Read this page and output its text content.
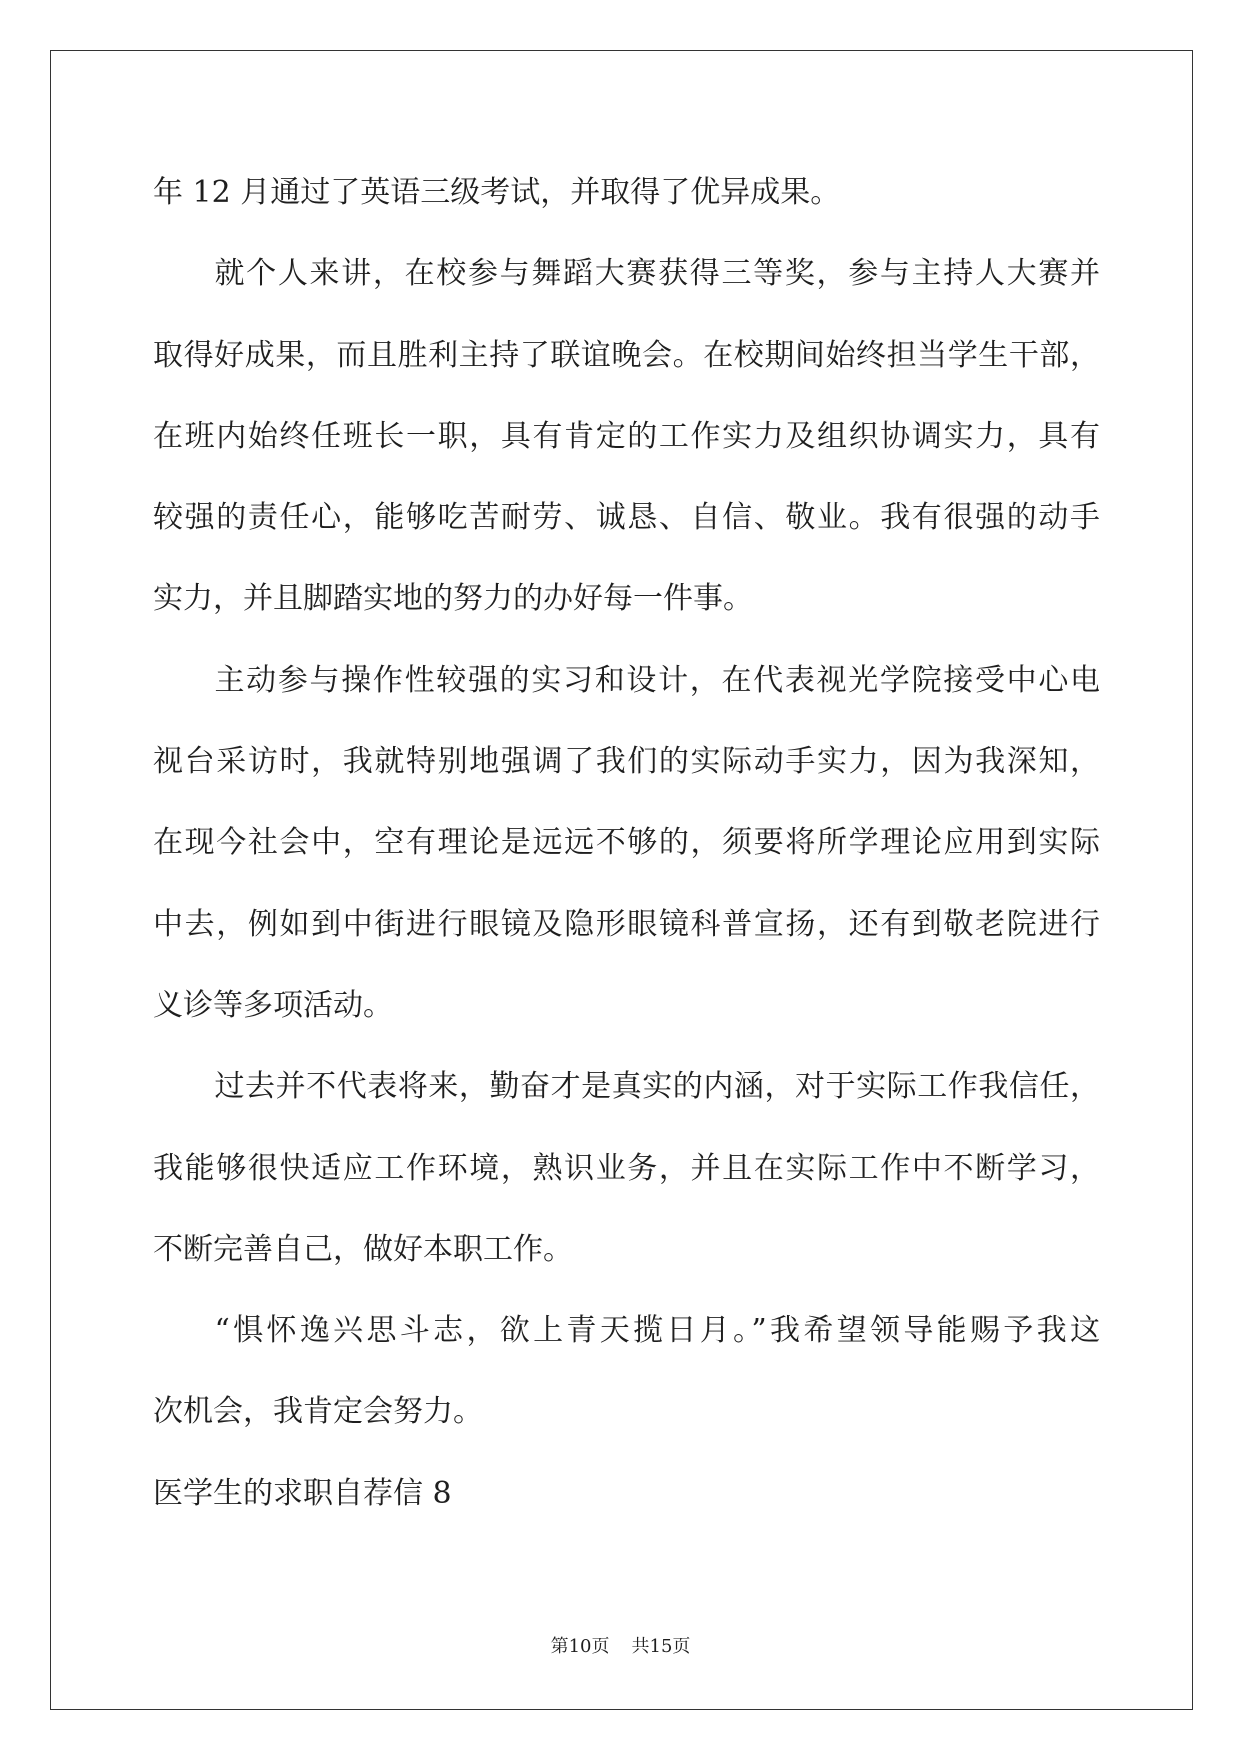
年 12 月通过了英语三级考试，并取得了优异成果。

就个人来讲，在校参与舞蹈大赛获得三等奖，参与主持人大赛并
取得好成果，而且胜利主持了联谊晚会。在校期间始终担当学生干部，
在班内始终任班长一职，具有肯定的工作实力及组织协调实力，具有
较强的责任心，能够吃苦耐劳、诚恳、自信、敬业。我有很强的动手
实力，并且脚踏实地的努力的办好每一件事。

主动参与操作性较强的实习和设计，在代表视光学院接受中心电
视台采访时，我就特别地强调了我们的实际动手实力，因为我深知，
在现今社会中，空有理论是远远不够的，须要将所学理论应用到实际
中去，例如到中街进行眼镜及隐形眼镜科普宣扬，还有到敬老院进行
义诊等多项活动。

过去并不代表将来，勤奋才是真实的内涵，对于实际工作我信任，
我能够很快适应工作环境，熟识业务，并且在实际工作中不断学习，
不断完善自己，做好本职工作。

“惧怀逸兴思斗志，欲上青天揽日月。”我希望领导能赐予我这
次机会，我肯定会努力。

医学生的求职自荐信 8
第10页 共15页
